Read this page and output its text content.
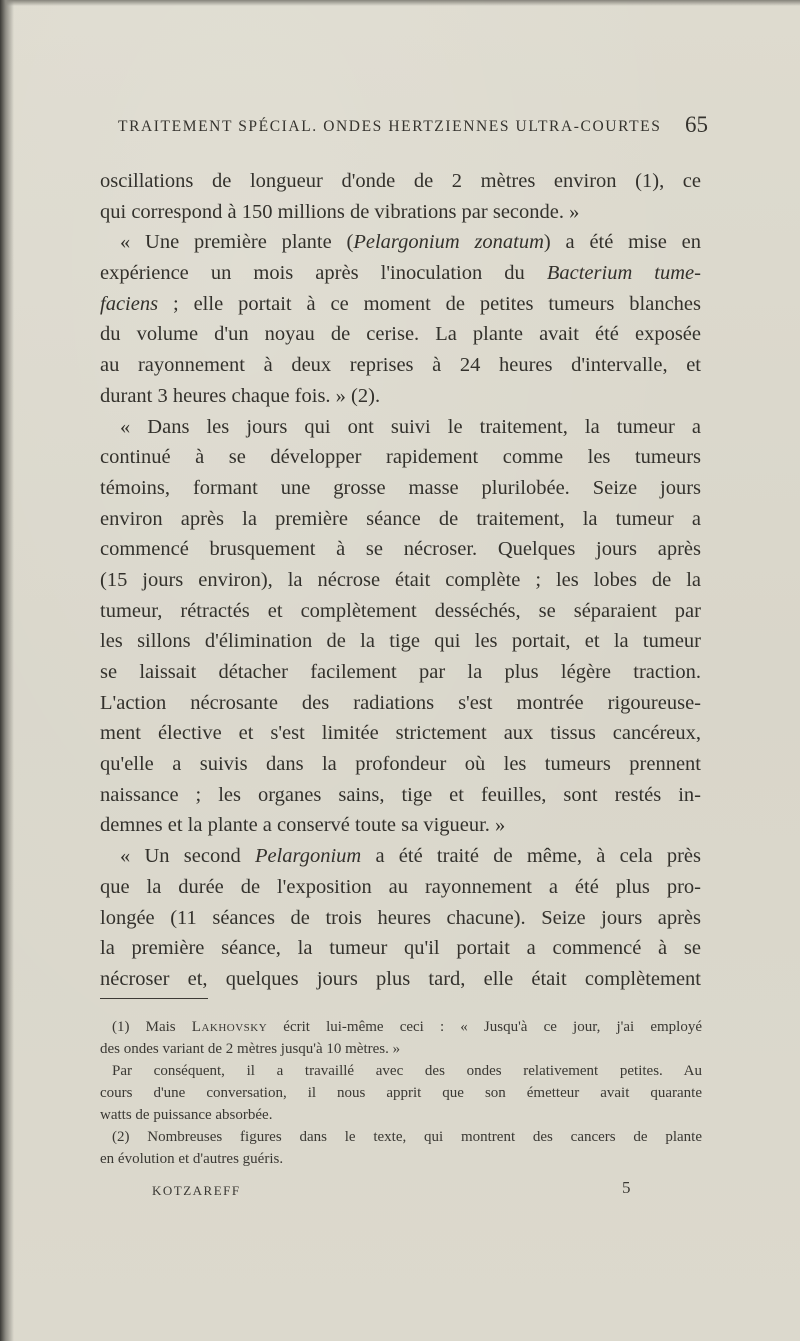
TRAITEMENT SPÉCIAL. ONDES HERTZIENNES ULTRA-COURTES 65
oscillations de longueur d'onde de 2 mètres environ (1), ce
qui correspond à 150 millions de vibrations par seconde. »
« Une première plante (Pelargonium zonatum) a été mise en
expérience un mois après l'inoculation du Bacterium tume-
faciens ; elle portait à ce moment de petites tumeurs blanches
du volume d'un noyau de cerise. La plante avait été exposée
au rayonnement à deux reprises à 24 heures d'intervalle, et
durant 3 heures chaque fois. » (2).
« Dans les jours qui ont suivi le traitement, la tumeur a
continué à se développer rapidement comme les tumeurs
témoins, formant une grosse masse plurilobée. Seize jours
environ après la première séance de traitement, la tumeur a
commencé brusquement à se nécroser. Quelques jours après
(15 jours environ), la nécrose était complète ; les lobes de la
tumeur, rétractés et complètement desséchés, se séparaient par
les sillons d'élimination de la tige qui les portait, et la tumeur
se laissait détacher facilement par la plus légère traction.
L'action nécrosante des radiations s'est montrée rigoureuse-
ment élective et s'est limitée strictement aux tissus cancéreux,
qu'elle a suivis dans la profondeur où les tumeurs prennent
naissance ; les organes sains, tige et feuilles, sont restés in-
demnes et la plante a conservé toute sa vigueur. »
« Un second Pelargonium a été traité de même, à cela près
que la durée de l'exposition au rayonnement a été plus pro-
longée (11 séances de trois heures chacune). Seize jours après
la première séance, la tumeur qu'il portait a commencé à se
nécroser et, quelques jours plus tard, elle était complètement
(1) Mais Lakhovsky écrit lui-même ceci : « Jusqu'à ce jour, j'ai employé
des ondes variant de 2 mètres jusqu'à 10 mètres. »
Par conséquent, il a travaillé avec des ondes relativement petites. Au
cours d'une conversation, il nous apprit que son émetteur avait quarante
watts de puissance absorbée.
(2) Nombreuses figures dans le texte, qui montrent des cancers de plante
en évolution et d'autres guéris.
KOTZAREFF	5
